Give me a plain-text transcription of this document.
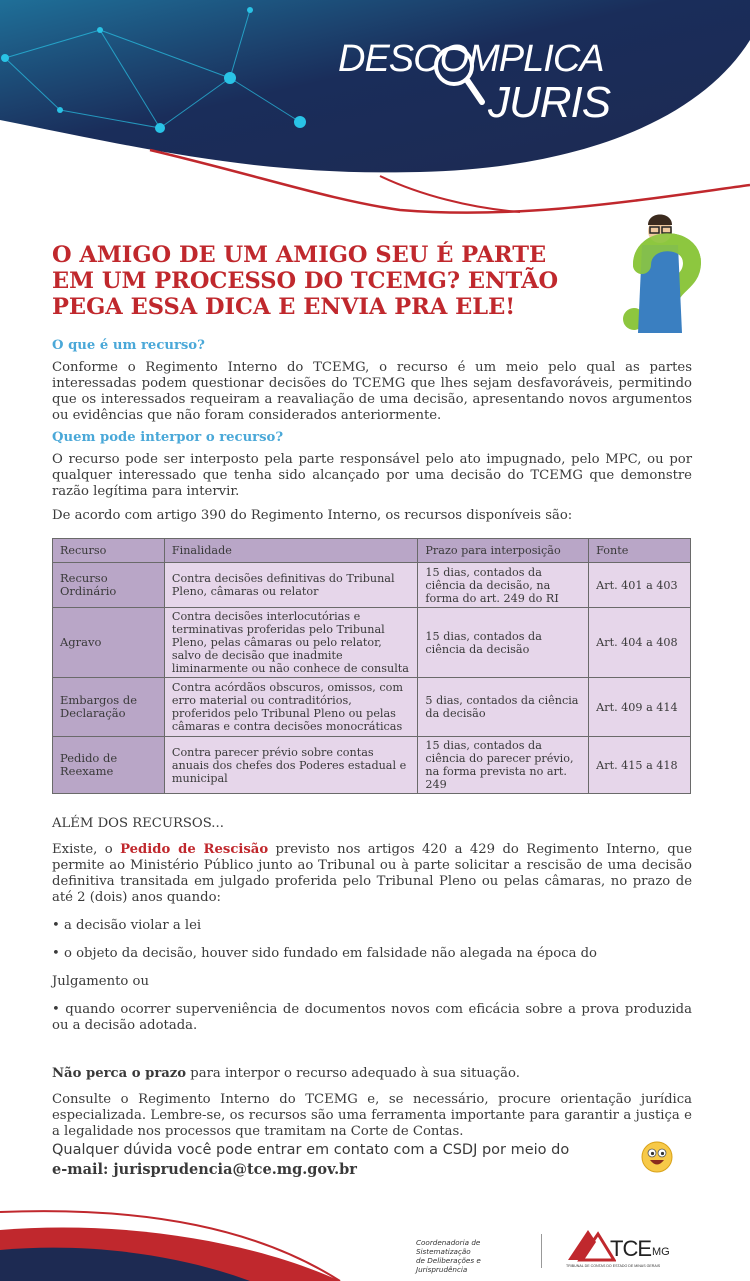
DESCOMPLICA
JURIS
O AMIGO DE UM AMIGO SEU É PARTE
EM UM PROCESSO DO TCEMG? ENTÃO
PEGA ESSA DICA E ENVIA PRA ELE!
O que é um recurso?
Conforme o Regimento Interno do TCEMG, o recurso é um meio pelo qual as partes interessadas podem questionar decisões do TCEMG que lhes sejam desfavoráveis, permitindo que os interessados requeiram a reavaliação de uma decisão, apresentando novos argumentos ou evidências que não foram considerados anteriormente.
Quem pode interpor o recurso?
O recurso pode ser interposto pela parte responsável pelo ato impugnado, pelo MPC, ou por qualquer interessado que tenha sido alcançado por uma decisão do TCEMG que demonstre razão legítima para intervir.
De acordo com artigo 390 do Regimento Interno, os recursos disponíveis são:
Recurso	Finalidade	Prazo para interposição	Fonte
Recurso Ordinário	Contra decisões definitivas do Tribunal Pleno, câmaras ou relator	15 dias, contados da ciência da decisão, na forma do art. 249 do RI	Art. 401 a 403
Agravo	Contra decisões interlocutórias e terminativas proferidas pelo Tribunal Pleno, pelas câmaras ou pelo relator, salvo de decisão que inadmite liminarmente ou não conhece de consulta	15 dias, contados da ciência da decisão	Art. 404 a 408
Embargos de Declaração	Contra acórdãos obscuros, omissos, com erro material ou contraditórios, proferidos pelo Tribunal Pleno ou pelas câmaras e contra decisões monocráticas	5 dias, contados da ciência da decisão	Art. 409 a 414
Pedido de Reexame	Contra parecer prévio sobre contas anuais dos chefes dos Poderes estadual e municipal	15 dias, contados da ciência do parecer prévio, na forma prevista no art. 249	Art. 415 a 418
ALÉM DOS RECURSOS...
Existe, o Pedido de Rescisão previsto nos artigos 420 a 429 do Regimento Interno, que permite ao Ministério Público junto ao Tribunal ou à parte solicitar a rescisão de uma decisão definitiva transitada em julgado proferida pelo Tribunal Pleno ou pelas câmaras, no prazo de até 2 (dois) anos quando:
• a decisão violar a lei
• o objeto da decisão, houver sido fundado em falsidade não alegada na época do
Julgamento ou
• quando ocorrer superveniência de documentos novos com eficácia sobre a prova produzida ou a decisão adotada.
Não perca o prazo para interpor o recurso adequado à sua situação.
Consulte o Regimento Interno do TCEMG e, se necessário, procure orientação jurídica especializada. Lembre-se, os recursos são uma ferramenta importante para garantir a justiça e a legalidade nos processos que tramitam na Corte de Contas.
Qualquer dúvida você pode entrar em contato com a CSDJ por meio do
e-mail: jurisprudencia@tce.mg.gov.br
Coordenadoria de Sistematização
de Deliberações e Jurisprudência
TCE MG
TRIBUNAL DE CONTAS DO ESTADO DE MINAS GERAIS
